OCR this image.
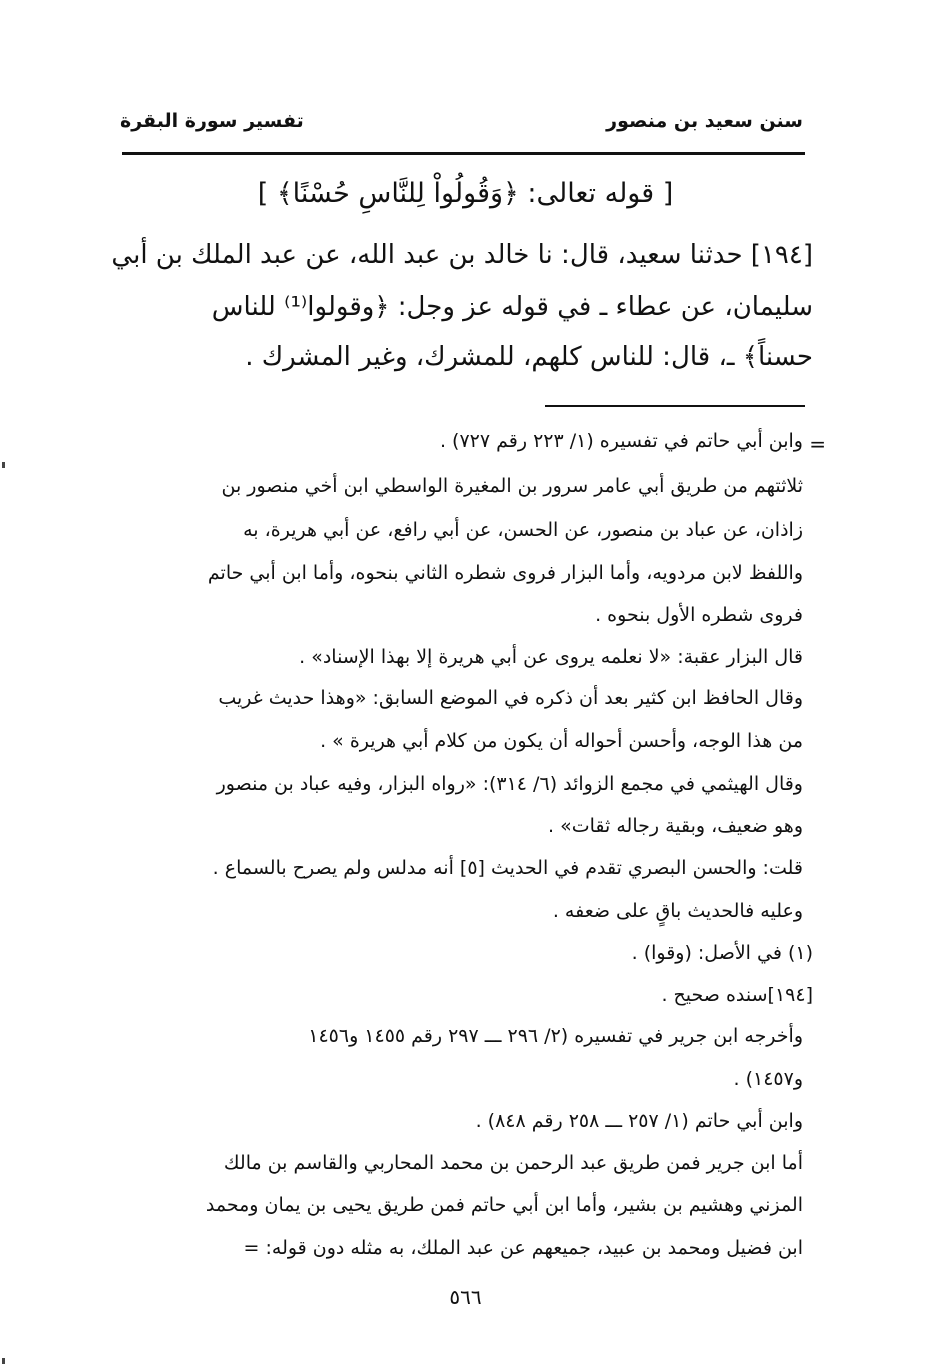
سنن سعيد بن منصور
تفسير سورة البقرة
[ قوله تعالى: ﴿وَقُولُواْ لِلنَّاسِ حُسْنًا﴾ ]
[١٩٤] حدثنا سعيد، قال: نا خالد بن عبد الله، عن عبد الملك بن أبي
سليمان، عن عطاء ـ في قوله عز وجل: ﴿وقولوا⁽¹⁾ للناس
حسناً﴾ ـ، قال: للناس كلهم، للمشرك، وغير المشرك .
=
وابن أبي حاتم في تفسيره (١/ ٢٢٣ رقم ٧٢٧) .
ثلاثتهم من طريق أبي عامر سرور بن المغيرة الواسطي ابن أخي منصور بن
زاذان، عن عباد بن منصور، عن الحسن، عن أبي رافع، عن أبي هريرة، به
واللفظ لابن مردويه، وأما البزار فروى شطره الثاني بنحوه، وأما ابن أبي حاتم
فروى شطره الأول بنحوه .
قال البزار عقبة: «لا نعلمه يروى عن أبي هريرة إلا بهذا الإسناد» .
وقال الحافظ ابن كثير بعد أن ذكره في الموضع السابق: «وهذا حديث غريب
من هذا الوجه، وأحسن أحواله أن يكون من كلام أبي هريرة » .
وقال الهيثمي في مجمع الزوائد (٦/ ٣١٤): «رواه البزار، وفيه عباد بن منصور
وهو ضعيف، وبقية رجاله ثقات» .
قلت: والحسن البصري تقدم في الحديث [٥] أنه مدلس ولم يصرح بالسماع .
وعليه فالحديث باقٍ على ضعفه .
(١) في الأصل: (وقوا) .
[١٩٤]سنده صحيح .
وأخرجه ابن جرير في تفسيره (٢/ ٢٩٦ ـــ ٢٩٧ رقم ١٤٥٥ و١٤٥٦
و١٤٥٧) .
وابن أبي حاتم (١/ ٢٥٧ ـــ ٢٥٨ رقم ٨٤٨) .
أما ابن جرير فمن طريق عبد الرحمن بن محمد المحاربي والقاسم بن مالك
المزني وهشيم بن بشير، وأما ابن أبي حاتم فمن طريق يحيى بن يمان ومحمد
ابن فضيل ومحمد بن عبيد، جميعهم عن عبد الملك، به مثله دون قوله: =
٥٦٦
